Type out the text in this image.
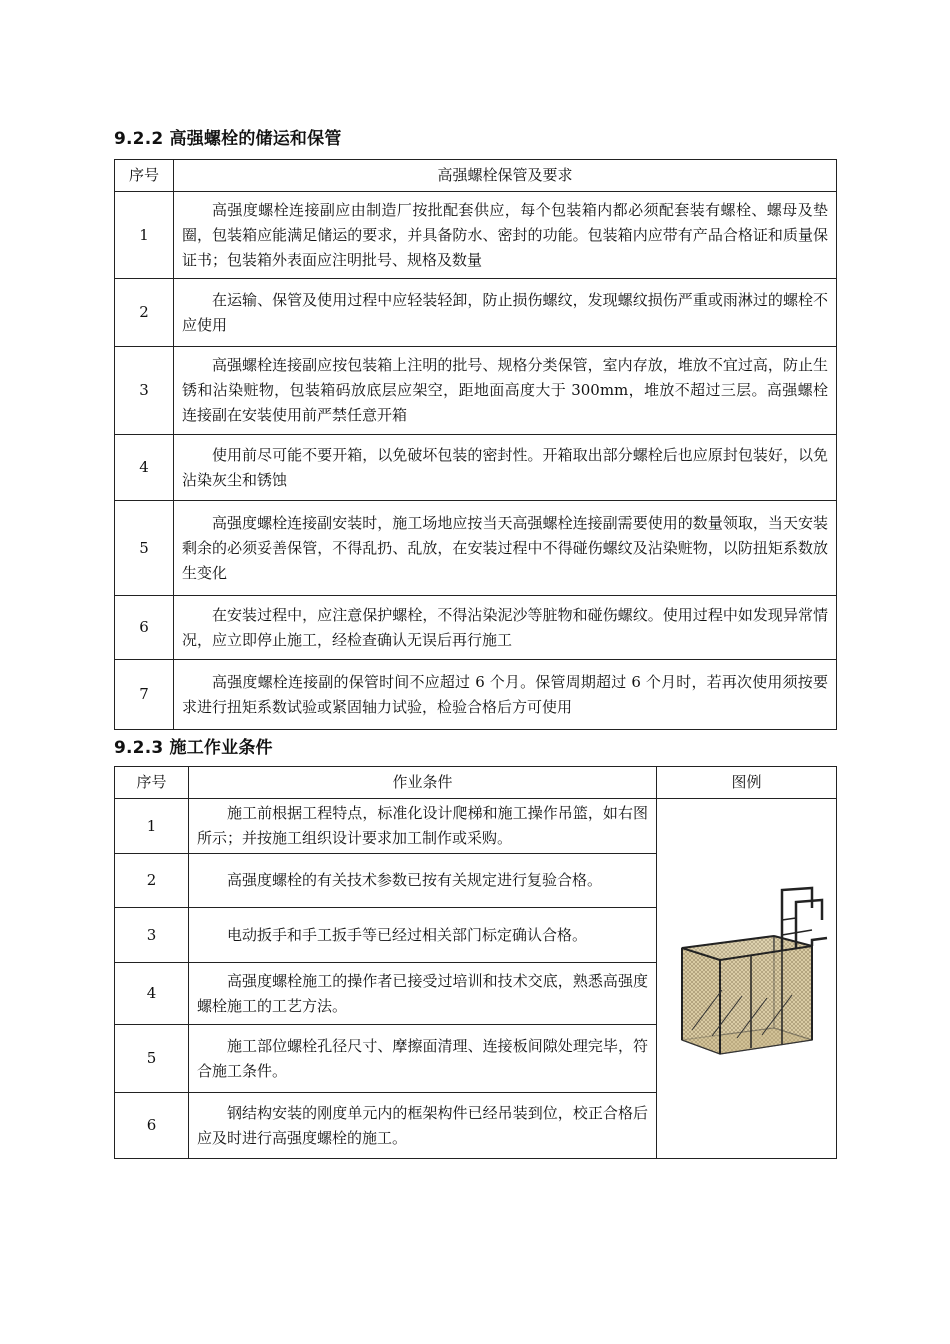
9.2.2 高强螺栓的储运和保管
序号	高强螺栓保管及要求
1	高强度螺栓连接副应由制造厂按批配套供应，每个包装箱内都必须配套装有螺栓、螺母及垫圈，包装箱应能满足储运的要求，并具备防水、密封的功能。包装箱内应带有产品合格证和质量保证书；包装箱外表面应注明批号、规格及数量

2	在运输、保管及使用过程中应轻装轻卸，防止损伤螺纹，发现螺纹损伤严重或雨淋过的螺栓不应使用

3	高强螺栓连接副应按包装箱上注明的批号、规格分类保管，室内存放，堆放不宜过高，防止生锈和沾染赃物，包装箱码放底层应架空，距地面高度大于 300mm，堆放不超过三层。高强螺栓连接副在安装使用前严禁任意开箱

4	使用前尽可能不要开箱，以免破坏包装的密封性。开箱取出部分螺栓后也应原封包装好，以免沾染灰尘和锈蚀

5	高强度螺栓连接副安装时，施工场地应按当天高强螺栓连接副需要使用的数量领取，当天安装剩余的必须妥善保管，不得乱扔、乱放，在安装过程中不得碰伤螺纹及沾染赃物，以防扭矩系数放生变化

6	在安装过程中，应注意保护螺栓，不得沾染泥沙等脏物和碰伤螺纹。使用过程中如发现异常情况，应立即停止施工，经检查确认无误后再行施工

7	高强度螺栓连接副的保管时间不应超过 6 个月。保管周期超过 6 个月时，若再次使用须按要求进行扭矩系数试验或紧固轴力试验，检验合格后方可使用
9.2.3 施工作业条件
序号	作业条件	图例
1	施工前根据工程特点，标准化设计爬梯和施工操作吊篮，如右图所示；并按施工组织设计要求加工制作或采购。

2	高强度螺栓的有关技术参数已按有关规定进行复验合格。	

3	电动扳手和手工扳手等已经过相关部门标定确认合格。	

4	高强度螺栓施工的操作者已接受过培训和技术交底，熟悉高强度螺栓施工的工艺方法。	

5	施工部位螺栓孔径尺寸、摩擦面清理、连接板间隙处理完毕，符合施工条件。	

6	钢结构安装的刚度单元内的框架构件已经吊装到位，校正合格后应及时进行高强度螺栓的施工。	
